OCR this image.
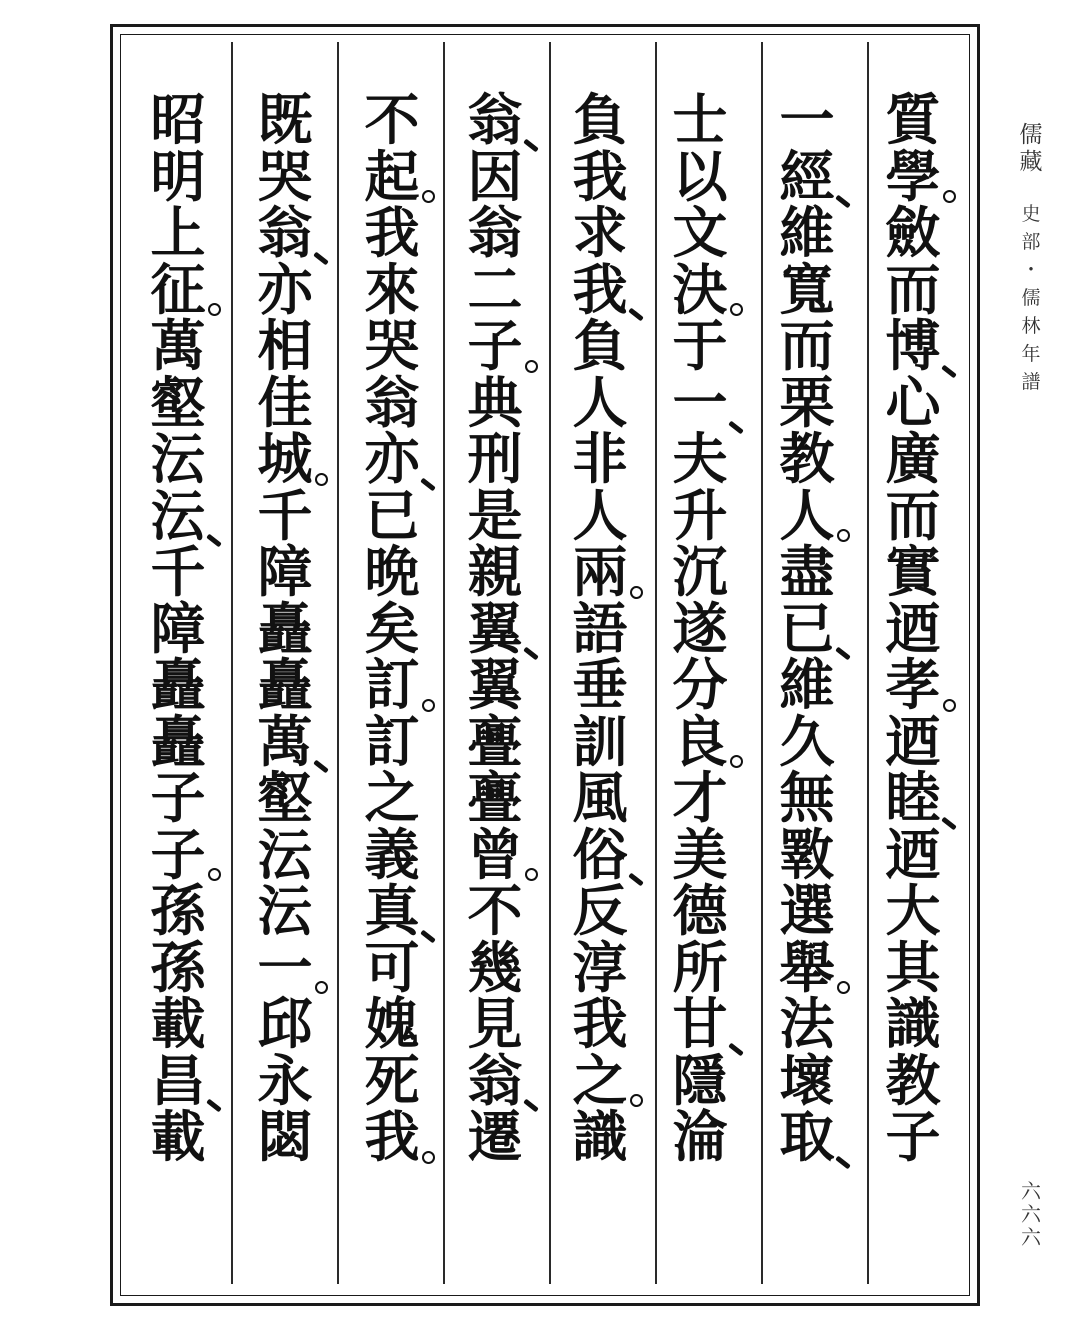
質
學
斂
而
博
心
廣
而
實
迺
孝
迺
睦
迺
大
其
識
教
子
一
經
維
寬
而
栗
教
人
盡
已
維
久
無
斁
選
舉
法
壞
取
士
以
文
決
于
一
夫
升
沉
遂
分
良
才
美
德
所
甘
隱
淪
負
我
求
我
負
人
非
人
兩
語
垂
訓
風
俗
反
淳
我
之
識
翁
因
翁
二
子
典
刑
是
親
翼
翼
亹
亹
曾
不
幾
見
翁
遷
不
起
我
來
哭
翁
亦
已
晩
矣
訂
訂
之
義
真
可
媿
死
我
既
哭
翁
亦
相
佳
城
千
障
矗
矗
萬
壑
沄
沄
一
邱
永
閟
昭
明
上
征
萬
壑
沄
沄
千
障
矗
矗
子
子
孫
孫
載
昌
載
儒
藏
史
部
・
儒
林
年
譜
六
六
六
